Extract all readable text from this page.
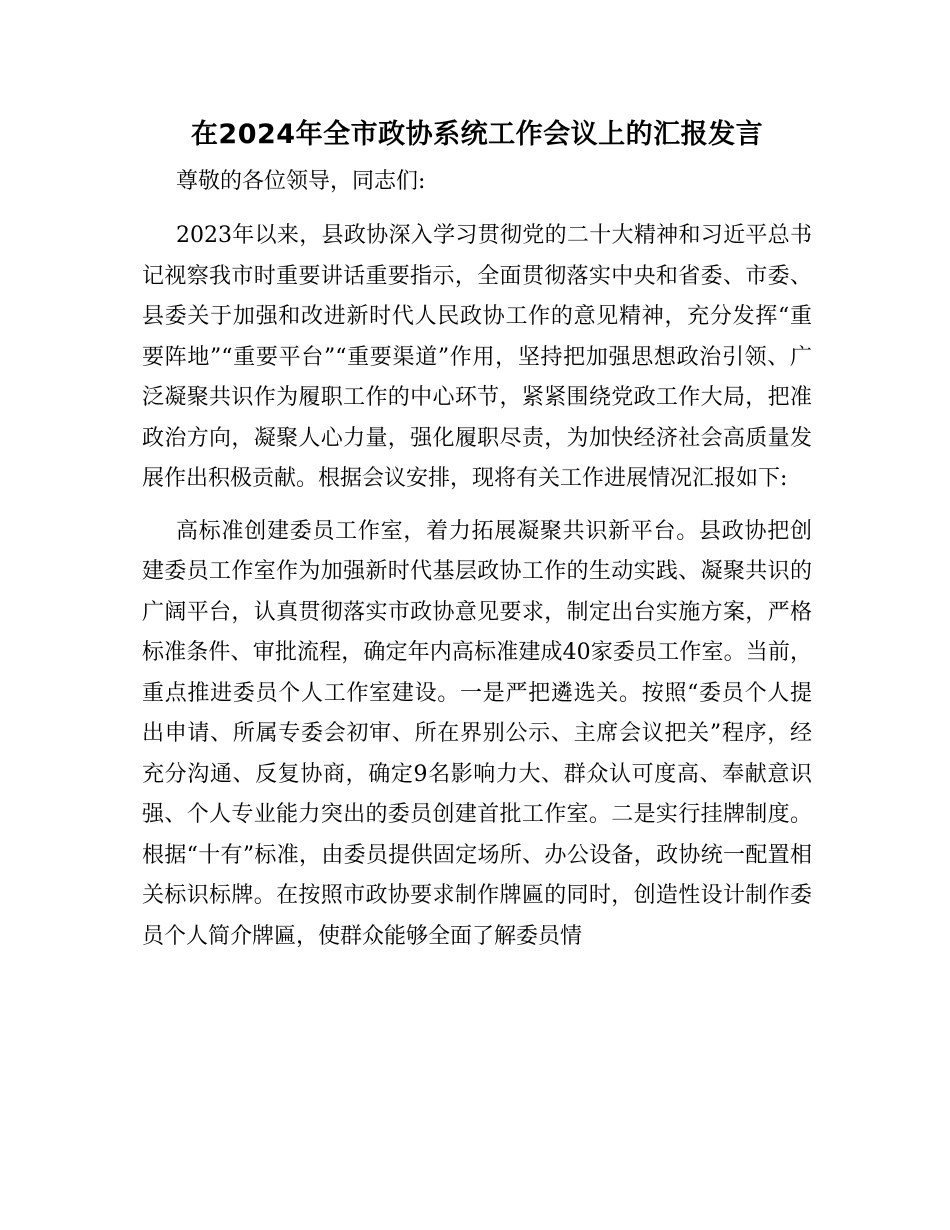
在2024年全市政协系统工作会议上的汇报发言

尊敬的各位领导，同志们:

2023年以来，县政协深入学习贯彻党的二十大精神和习近平总书记视察我市时重要讲话重要指示，全面贯彻落实中央和省委、市委、县委关于加强和改进新时代人民政协工作的意见精神，充分发挥“重要阵地”“重要平台”“重要渠道”作用，坚持把加强思想政治引领、广泛凝聚共识作为履职工作的中心环节，紧紧围绕党政工作大局，把准政治方向，凝聚人心力量，强化履职尽责，为加快经济社会高质量发展作出积极贡献。根据会议安排，现将有关工作进展情况汇报如下:

高标准创建委员工作室，着力拓展凝聚共识新平台。县政协把创建委员工作室作为加强新时代基层政协工作的生动实践、凝聚共识的广阔平台，认真贯彻落实市政协意见要求，制定出台实施方案，严格标准条件、审批流程，确定年内高标准建成40家委员工作室。当前，重点推进委员个人工作室建设。一是严把遴选关。按照“委员个人提出申请、所属专委会初审、所在界别公示、主席会议把关”程序，经充分沟通、反复协商，确定9名影响力大、群众认可度高、奉献意识强、个人专业能力突出的委员创建首批工作室。二是实行挂牌制度。根据“十有”标准，由委员提供固定场所、办公设备，政协统一配置相关标识标牌。在按照市政协要求制作牌匾的同时，创造性设计制作委员个人简介牌匾，使群众能够全面了解委员情
